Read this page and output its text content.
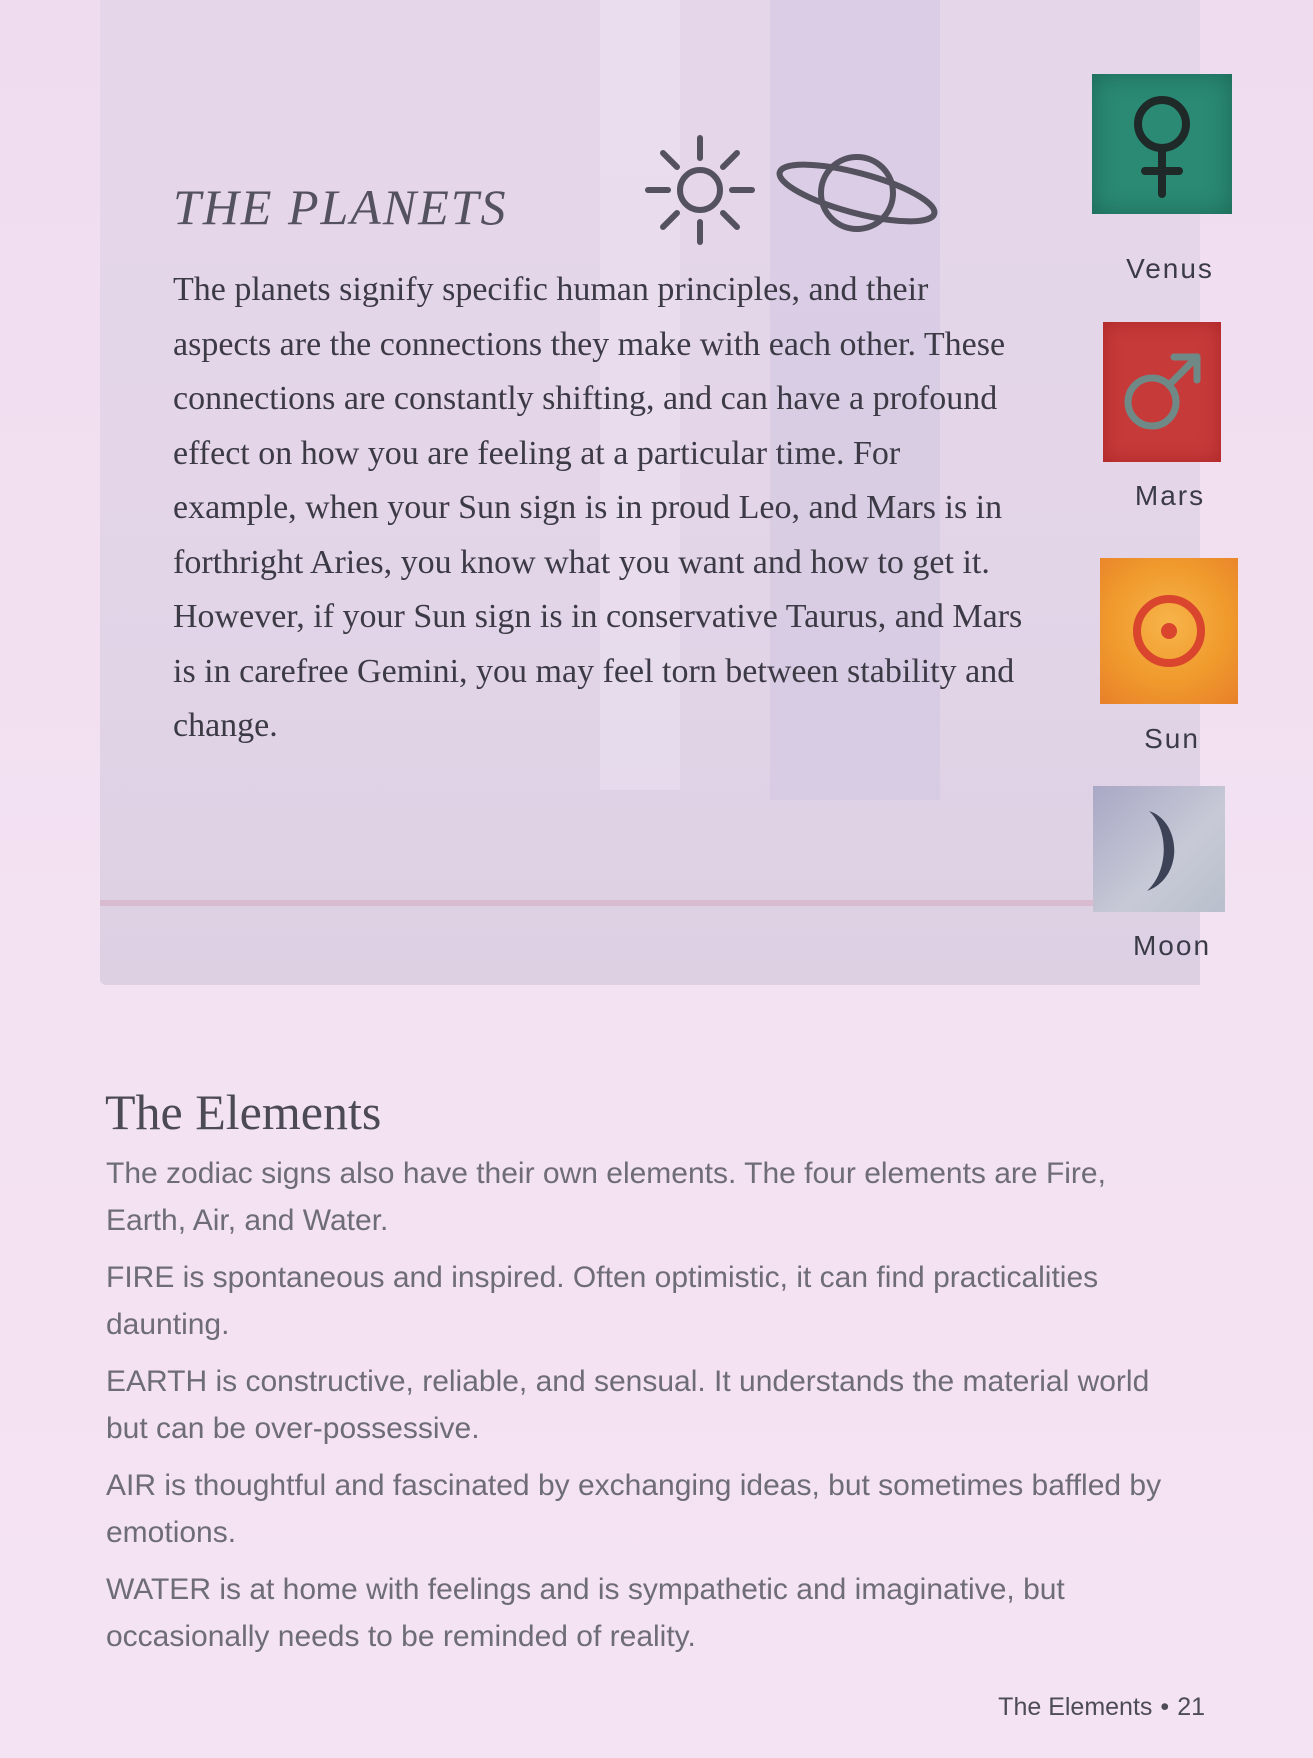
THE PLANETS

The planets signify specific human principles, and their aspects are the connections they make with each other. These connections are constantly shifting, and can have a profound effect on how you are feeling at a particular time. For example, when your Sun sign is in proud Leo, and Mars is in forthright Aries, you know what you want and how to get it. However, if your Sun sign is in conservative Taurus, and Mars is in carefree Gemini, you may feel torn between stability and change.

Venus
Mars
Sun
Moon
The Elements

The zodiac signs also have their own elements. The four elements are Fire, Earth, Air, and Water.

FIRE is spontaneous and inspired. Often optimistic, it can find practicalities daunting.

EARTH is constructive, reliable, and sensual. It understands the material world but can be over-possessive.

AIR is thoughtful and fascinated by exchanging ideas, but sometimes baffled by emotions.

WATER is at home with feelings and is sympathetic and imaginative, but occasionally needs to be reminded of reality.

The Elements • 21
